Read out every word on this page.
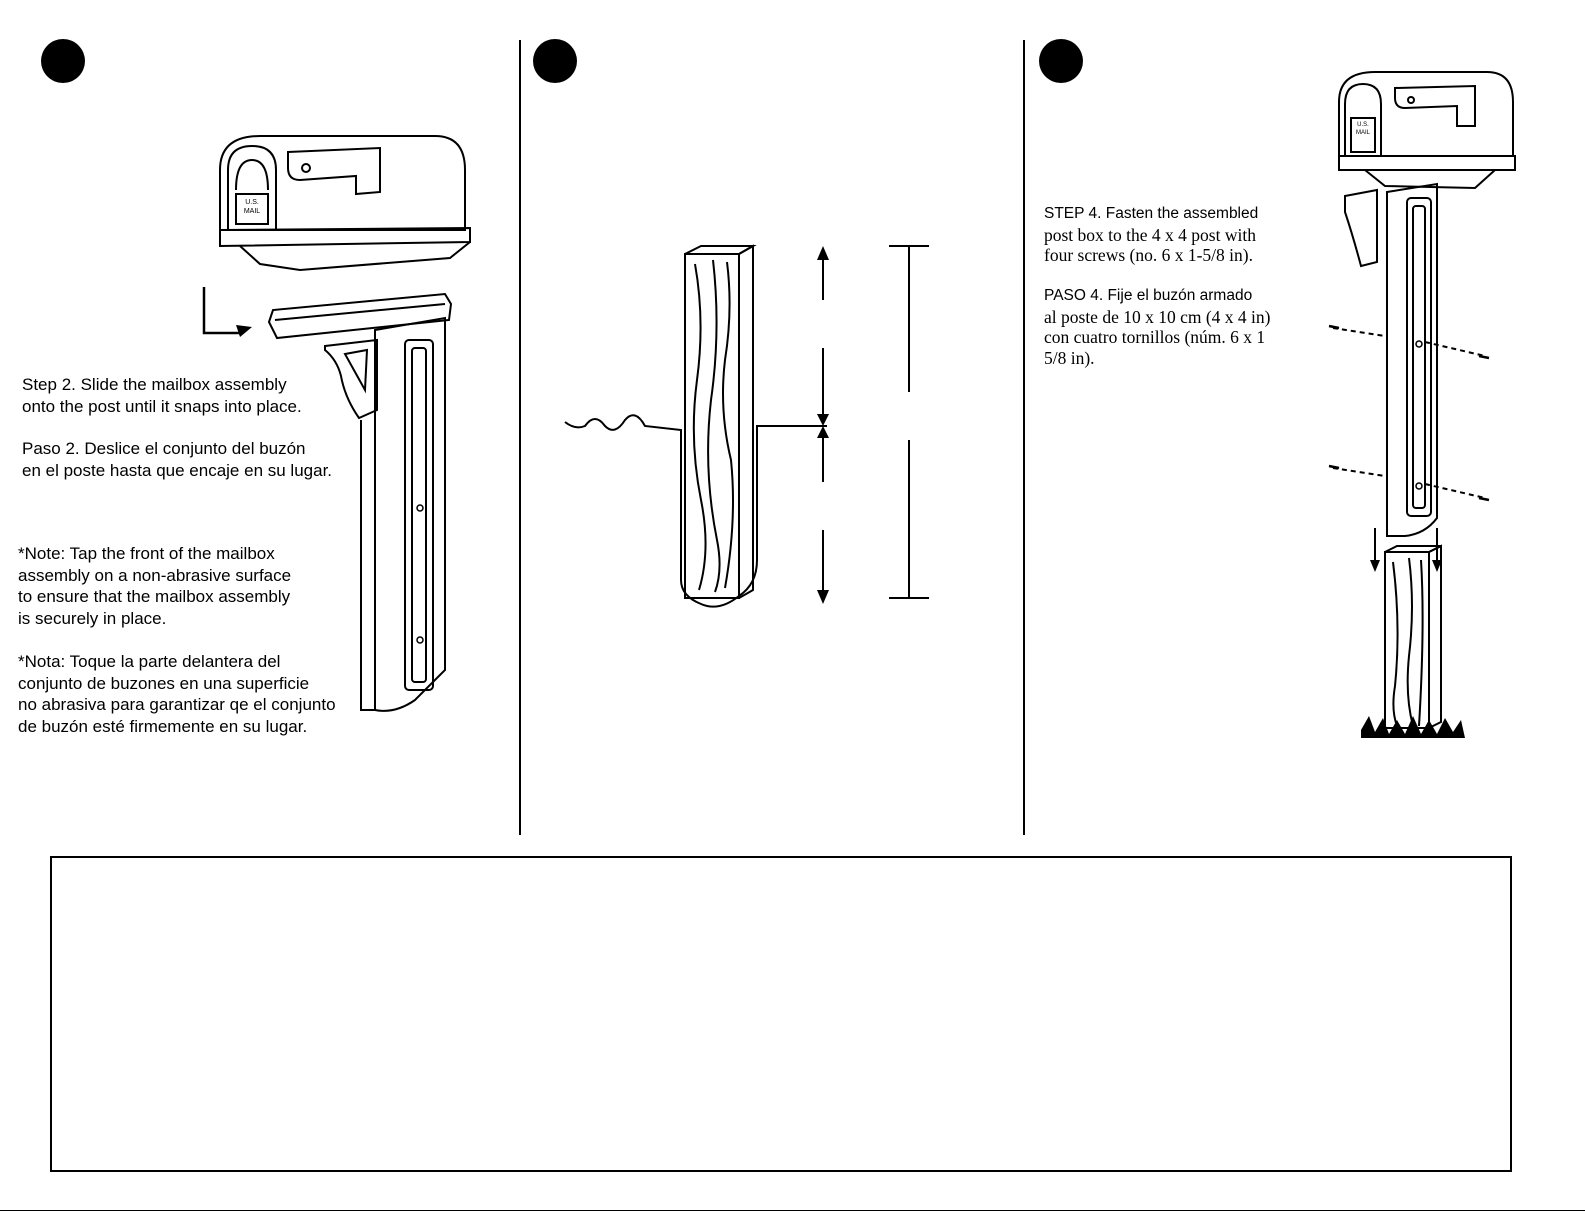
U.S.
MAIL

Step 2. Slide the mailbox assembly

onto the post until it snaps into place.

Paso 2. Deslice el conjunto del buzón

en el poste hasta que encaje en su lugar.

*Note: Tap the front of the mailbox

assembly on a non-abrasive surface

to ensure that the mailbox assembly

is securely in place.

*Nota: Toque la parte delantera del

conjunto de buzones en una superficie

no abrasiva para garantizar qe el conjunto

de buzón esté firmemente en su lugar.

U.S.
MAIL

STEP 4. Fasten the assembled

post box to the 4 x 4 post with

four screws (no. 6 x 1-5/8 in).

PASO 4. Fije el buzón armado

al poste de 10 x 10 cm (4 x 4 in)

con cuatro tornillos (núm. 6 x 1

5/8 in).
